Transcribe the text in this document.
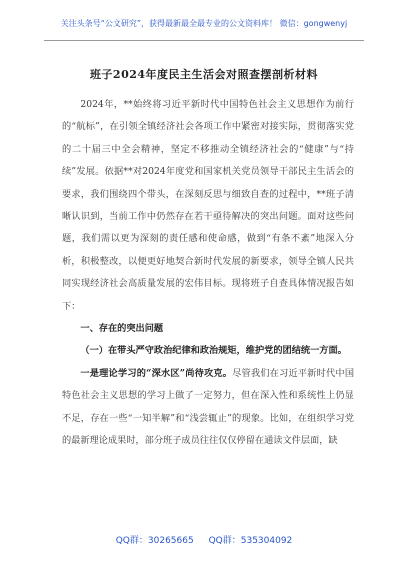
关注头条号“公文研究”，获得最新最全最专业的公文资料库！ 微信：gongwenyj
班子2024年度民主生活会对照查摆剖析材料

2024年，**始终将习近平新时代中国特色社会主义思想作为前行的“航标”，在引领全镇经济社会各项工作中紧密对接实际，贯彻落实党的二十届三中全会精神，坚定不移推动全镇经济社会的“健康”与“持续”发展。依据**对2024年度党和国家机关党员领导干部民主生活会的要求，我们围绕四个带头，在深刻反思与细致自查的过程中，**班子清晰认识到，当前工作中仍然存在若干亟待解决的突出问题。面对这些问题，我们需以更为深刻的责任感和使命感，做到“有条不紊”地深入分析，积极整改，以便更好地契合新时代发展的新要求，领导全镇人民共同实现经济社会高质量发展的宏伟目标。现将班子自查具体情况报告如下：

一、存在的突出问题

（一）在带头严守政治纪律和政治规矩，维护党的团结统一方面。

一是理论学习的“深水区”尚待攻克。尽管我们在习近平新时代中国特色社会主义思想的学习上做了一定努力，但在深入性和系统性上仍显不足，存在一些“一知半解”和“浅尝辄止”的现象。比如，在组织学习党的最新理论成果时，部分班子成员往往仅仅停留在通读文件层面，缺

QQ群：30265665 QQ群：535304092
